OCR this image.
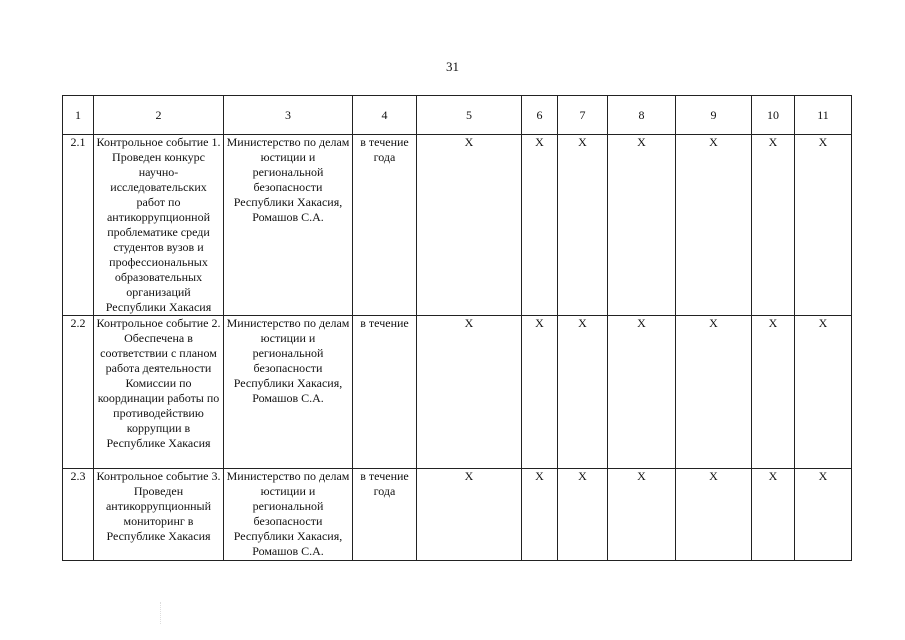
31
1	2	3	4	5	6	7	8	9	10	11
2.1	Контрольное событие 1. Проведен конкурс научно-исследовательских работ по антикоррупционной проблематике среди студентов вузов и профессиональных образовательных организаций Республики Хакасия	Министерство по делам юстиции и региональной безопасности Республики Хакасия, Ромашов С.А.	в течение года	X	X	X	X	X	X	X
2.2	Контрольное событие 2. Обеспечена в соответствии с планом работа деятельности Комиссии по координации работы по противодействию коррупции в Республике Хакасия	Министерство по делам юстиции и региональной безопасности Республики Хакасия, Ромашов С.А.	в течение	X	X	X	X	X	X	X
2.3	Контрольное событие 3. Проведен антикоррупционный мониторинг в Республике Хакасия	Министерство по делам юстиции и региональной безопасности Республики Хакасия, Ромашов С.А.	в течение года	X	X	X	X	X	X	X
